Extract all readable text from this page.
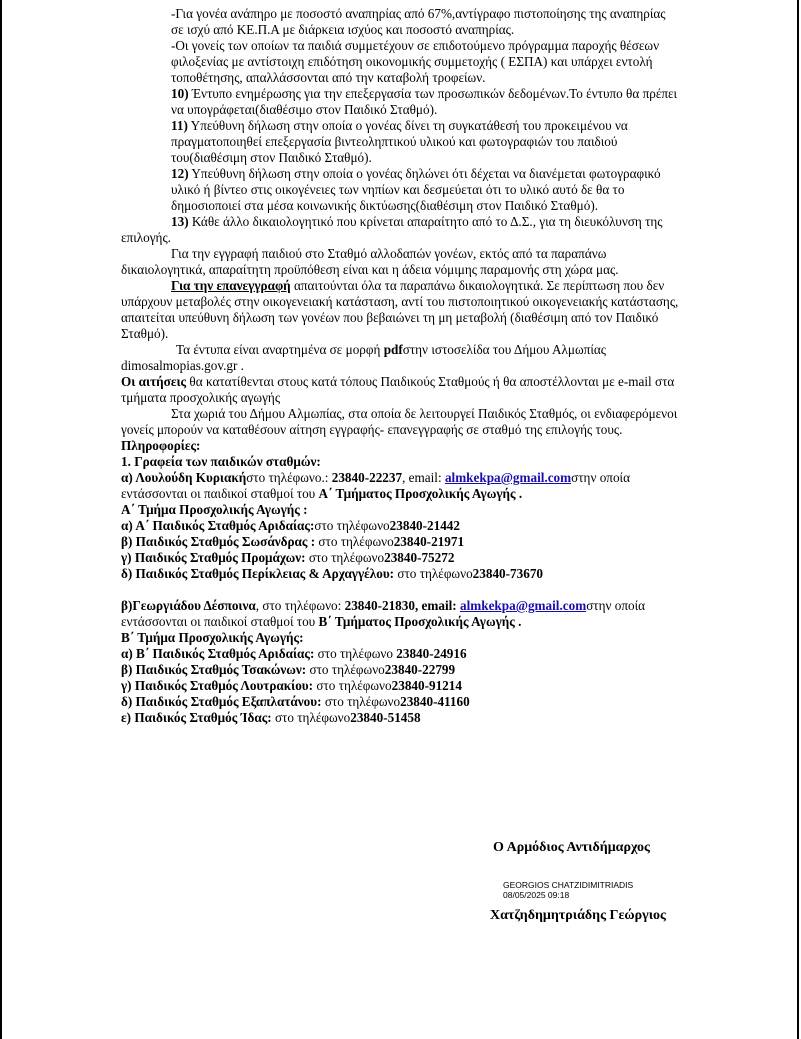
-Για γονέα ανάπηρο με ποσοστό αναπηρίας από 67%,αντίγραφο πιστοποίησης της αναπηρίας σε ισχύ από ΚΕ.Π.Α με διάρκεια ισχύος και ποσοστό αναπηρίας.

-Οι γονείς των οποίων τα παιδιά συμμετέχουν σε επιδοτούμενο πρόγραμμα παροχής θέσεων φιλοξενίας με αντίστοιχη επιδότηση οικονομικής συμμετοχής ( ΕΣΠΑ) και υπάρχει εντολή τοποθέτησης, απαλλάσσονται από την καταβολή τροφείων.

10) Έντυπο ενημέρωσης για την επεξεργασία των προσωπικών δεδομένων.Το έντυπο θα πρέπει να υπογράφεται(διαθέσιμο στον Παιδικό Σταθμό).

11) Υπεύθυνη δήλωση στην οποία ο γονέας δίνει τη συγκατάθεσή του προκειμένου να πραγματοποιηθεί επεξεργασία βιντεοληπτικού υλικού και φωτογραφιών του παιδιού του(διαθέσιμη στον Παιδικό Σταθμό).

12) Υπεύθυνη δήλωση στην οποία ο γονέας δηλώνει ότι δέχεται να διανέμεται φωτογραφικό υλικό ή βίντεο στις οικογένειες των νηπίων και δεσμεύεται ότι το υλικό αυτό δε θα το δημοσιοποιεί στα μέσα κοινωνικής δικτύωσης(διαθέσιμη στον Παιδικό Σταθμό).

13) Κάθε άλλο δικαιολογητικό που κρίνεται απαραίτητο από το Δ.Σ., για τη διευκόλυνση της επιλογής.

Για την εγγραφή παιδιού στο Σταθμό αλλοδαπών γονέων, εκτός από τα παραπάνω δικαιολογητικά, απαραίτητη προϋπόθεση είναι και η άδεια νόμιμης παραμονής στη χώρα μας.

Για την επανεγγραφή απαιτούνται όλα τα παραπάνω δικαιολογητικά. Σε περίπτωση που δεν υπάρχουν μεταβολές στην οικογενειακή κατάσταση, αντί του πιστοποιητικού οικογενειακής κατάστασης, απαιτείται υπεύθυνη δήλωση των γονέων που βεβαιώνει τη μη μεταβολή (διαθέσιμη από τον Παιδικό Σταθμό).

Τα έντυπα είναι αναρτημένα σε μορφή pdfστην ιστοσελίδα του Δήμου Αλμωπίας dimosalmopias.gov.gr .

Οι αιτήσεις θα κατατίθενται στους κατά τόπους Παιδικούς Σταθμούς ή θα αποστέλλονται με e-mail στα τμήματα προσχολικής αγωγής

Στα χωριά του Δήμου Αλμωπίας, στα οποία δε λειτουργεί Παιδικός Σταθμός, οι ενδιαφερόμενοι γονείς μπορούν να καταθέσουν αίτηση εγγραφής- επανεγγραφής σε σταθμό της επιλογής τους.

Πληροφορίες:

1. Γραφεία των παιδικών σταθμών:

α) Λουλούδη Κυριακήστο τηλέφωνο.: 23840-22237, email: almkekpa@gmail.comστην οποία εντάσσονται οι παιδικοί σταθμοί του Α΄ Τμήματος Προσχολικής Αγωγής .

Α΄ Τμήμα Προσχολικής Αγωγής :

α) Α΄ Παιδικός Σταθμός Αριδαίας:στο τηλέφωνο23840-21442

β) Παιδικός Σταθμός Σωσάνδρας : στο τηλέφωνο23840-21971

γ) Παιδικός Σταθμός Προμάχων: στο τηλέφωνο23840-75272

δ) Παιδικός Σταθμός Περίκλειας & Αρχαγγέλου: στο τηλέφωνο23840-73670

β)Γεωργιάδου Δέσποινα, στο τηλέφωνο: 23840-21830, email: almkekpa@gmail.comστην οποία εντάσσονται οι παιδικοί σταθμοί του Β΄ Τμήματος Προσχολικής Αγωγής .

Β΄ Τμήμα Προσχολικής Αγωγής:

α) Β΄ Παιδικός Σταθμός Αριδαίας: στο τηλέφωνο 23840-24916

β) Παιδικός Σταθμός Τσακώνων: στο τηλέφωνο23840-22799

γ) Παιδικός Σταθμός Λουτρακίου: στο τηλέφωνο23840-91214

δ) Παιδικός Σταθμός Εξαπλατάνου: στο τηλέφωνο23840-41160

ε) Παιδικός Σταθμός Ίδας: στο τηλέφωνο23840-51458

Ο Αρμόδιος Αντιδήμαρχος
GEORGIOS CHATZIDIMITRIADIS
08/05/2025 09:18
Χατζηδημητριάδης Γεώργιος
